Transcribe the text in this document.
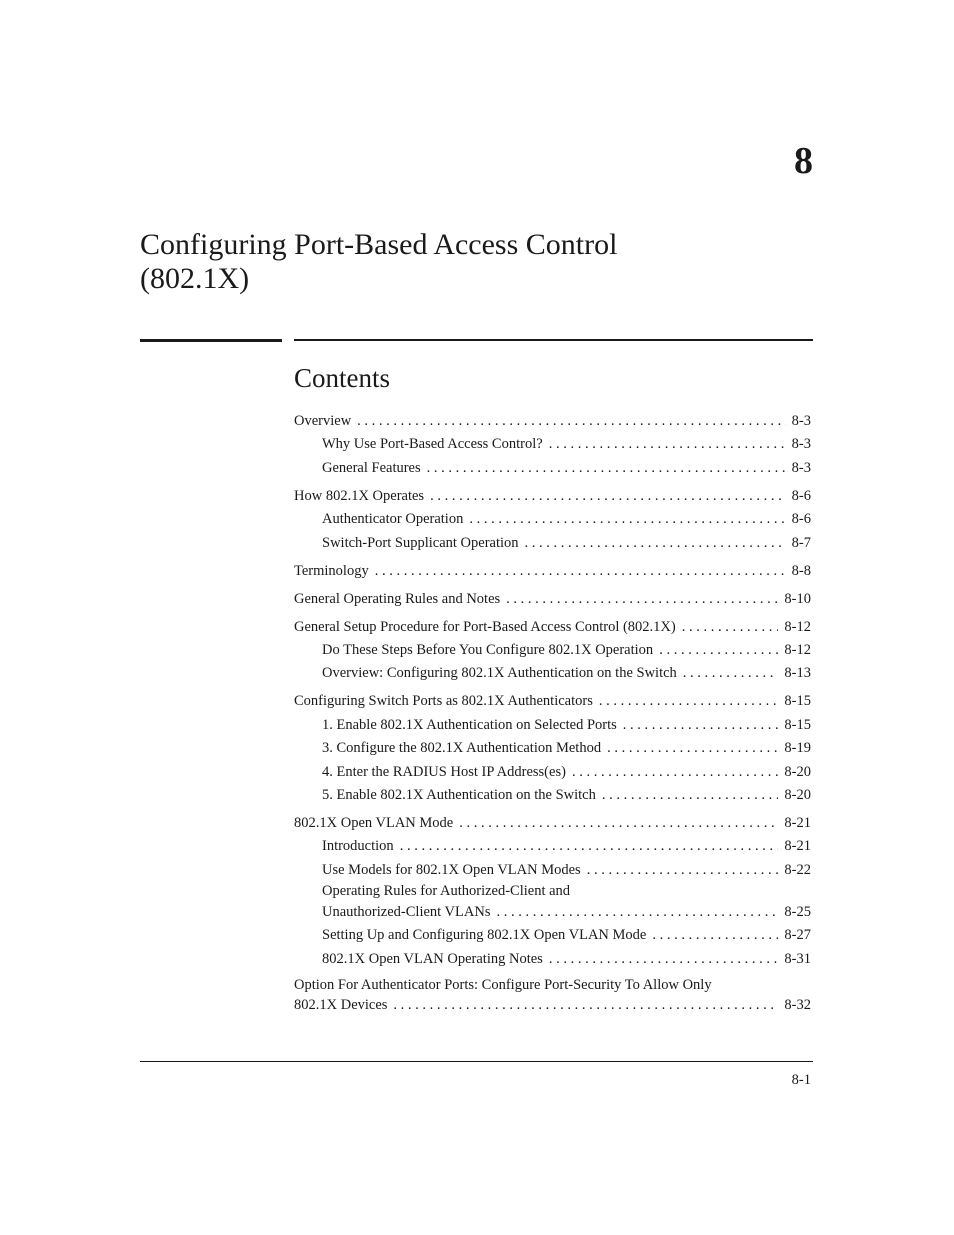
8
Configuring Port-Based Access Control
(802.1X)
Contents
Overview . . .	8-3
Why Use Port-Based Access Control? . . .	8-3
General Features . . .	8-3
How 802.1X Operates . . .	8-6
Authenticator Operation . . .	8-6
Switch-Port Supplicant Operation . . .	8-7
Terminology . . .	8-8
General Operating Rules and Notes . . .	8-10
General Setup Procedure for Port-Based Access Control (802.1X) . . .	8-12
Do These Steps Before You Configure 802.1X Operation . . .	8-12
Overview: Configuring 802.1X Authentication on the Switch . . .	8-13
Configuring Switch Ports as 802.1X Authenticators . . .	8-15
1. Enable 802.1X Authentication on Selected Ports . . .	8-15
3. Configure the 802.1X Authentication Method . . .	8-19
4. Enter the RADIUS Host IP Address(es) . . .	8-20
5. Enable 802.1X Authentication on the Switch . . .	8-20
802.1X Open VLAN Mode . . .	8-21
Introduction . . .	8-21
Use Models for 802.1X Open VLAN Modes . . .	8-22
Operating Rules for Authorized-Client and
Unauthorized-Client VLANs . . .	8-25
Setting Up and Configuring 802.1X Open VLAN Mode . . .	8-27
802.1X Open VLAN Operating Notes . . .	8-31
Option For Authenticator Ports: Configure Port-Security To Allow Only
802.1X Devices . . .	8-32
8-1
